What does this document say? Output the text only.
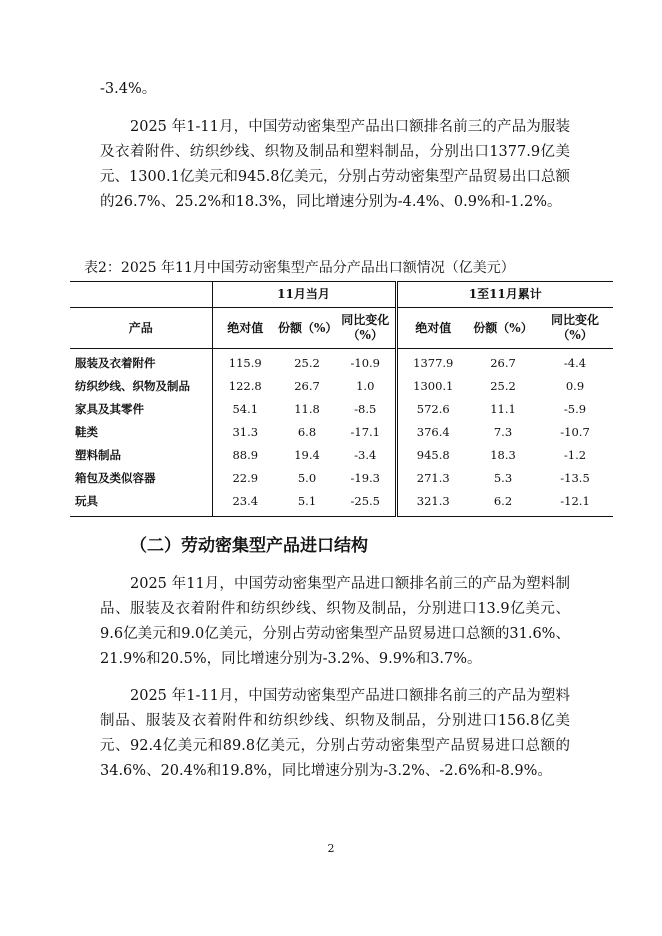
-3.4%。

2025 年1-11月，中国劳动密集型产品出口额排名前三的产品为服装及衣着附件、纺织纱线、织物及制品和塑料制品，分别出口1377.9亿美元、1300.1亿美元和945.8亿美元，分别占劳动密集型产品贸易出口总额的26.7%、25.2%和18.3%，同比增速分别为-4.4%、0.9%和-1.2%。

表2：2025 年11月中国劳动密集型产品分产品出口额情况（亿美元）

	11月当月			1至11月累计		
产品	绝对值	份额（%）	同比变化（%）	绝对值	份额（%）	同比变化（%）
服装及衣着附件	115.9	25.2	-10.9	1377.9	26.7	-4.4
纺织纱线、织物及制品	122.8	26.7	1.0	1300.1	25.2	0.9
家具及其零件	54.1	11.8	-8.5	572.6	11.1	-5.9
鞋类	31.3	6.8	-17.1	376.4	7.3	-10.7
塑料制品	88.9	19.4	-3.4	945.8	18.3	-1.2
箱包及类似容器	22.9	5.0	-19.3	271.3	5.3	-13.5
玩具	23.4	5.1	-25.5	321.3	6.2	-12.1

（二）劳动密集型产品进口结构

2025 年11月，中国劳动密集型产品进口额排名前三的产品为塑料制品、服装及衣着附件和纺织纱线、织物及制品，分别进口13.9亿美元、9.6亿美元和9.0亿美元，分别占劳动密集型产品贸易进口总额的31.6%、21.9%和20.5%，同比增速分别为-3.2%、9.9%和3.7%。

2025 年1-11月，中国劳动密集型产品进口额排名前三的产品为塑料制品、服装及衣着附件和纺织纱线、织物及制品，分别进口156.8亿美元、92.4亿美元和89.8亿美元，分别占劳动密集型产品贸易进口总额的34.6%、20.4%和19.8%，同比增速分别为-3.2%、-2.6%和-8.9%。

2
